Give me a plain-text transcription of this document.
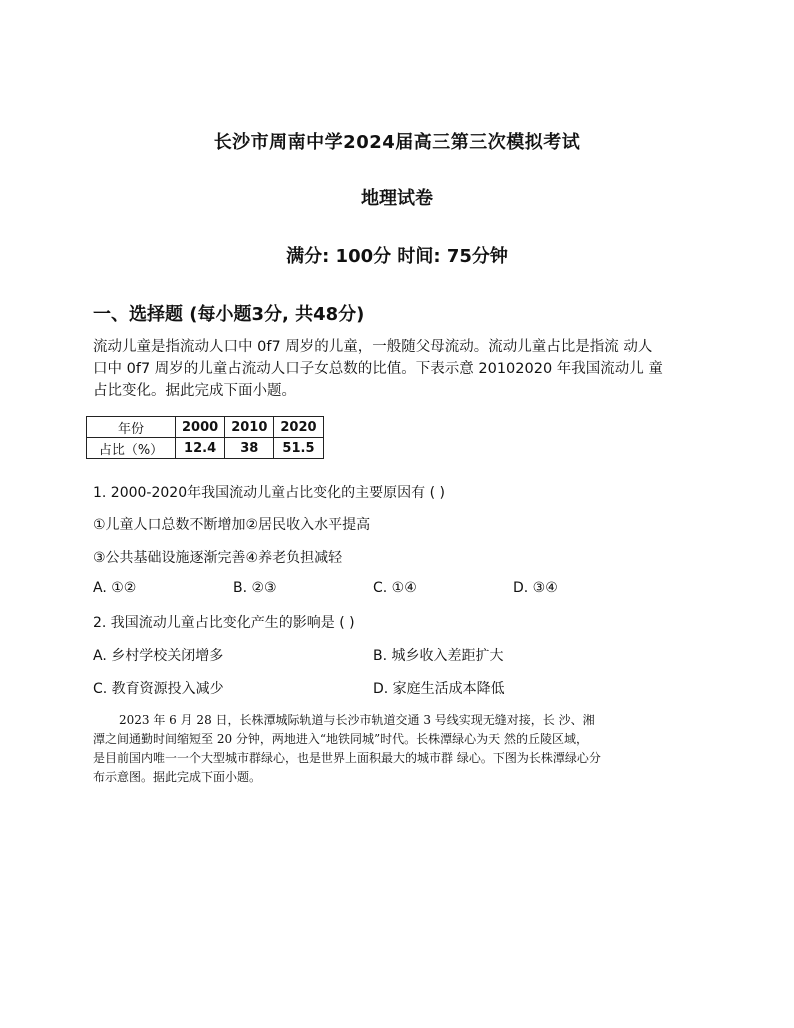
长沙市周南中学2024届高三第三次模拟考试
地理试卷
满分: 100分 时间: 75分钟
一、选择题 (每小题3分, 共48分)
流动儿童是指流动人口中 0f7 周岁的儿童，一般随父母流动。流动儿童占比是指流 动人
口中 0f7 周岁的儿童占流动人口子女总数的比值。下表示意 20102020 年我国流动儿 童
占比变化。据此完成下面小题。
年份	2000	2010	2020
占比（%）	12.4	38	51.5
1. 2000-2020年我国流动儿童占比变化的主要原因有 ( )
①儿童人口总数不断增加②居民收入水平提高
③公共基础设施逐渐完善④养老负担减轻
A. ①②	B. ②③	C. ①④	D. ③④
2. 我国流动儿童占比变化产生的影响是 ( )
A. 乡村学校关闭增多	B. 城乡收入差距扩大
C. 教育资源投入减少	D. 家庭生活成本降低
2023 年 6 月 28 日，长株潭城际轨道与长沙市轨道交通 3 号线实现无缝对接，长 沙、湘
潭之间通勤时间缩短至 20 分钟，两地进入“地铁同城”时代。长株潭绿心为天 然的丘陵区域，
是目前国内唯一一个大型城市群绿心，也是世界上面积最大的城市群 绿心。下图为长株潭绿心分
布示意图。据此完成下面小题。
